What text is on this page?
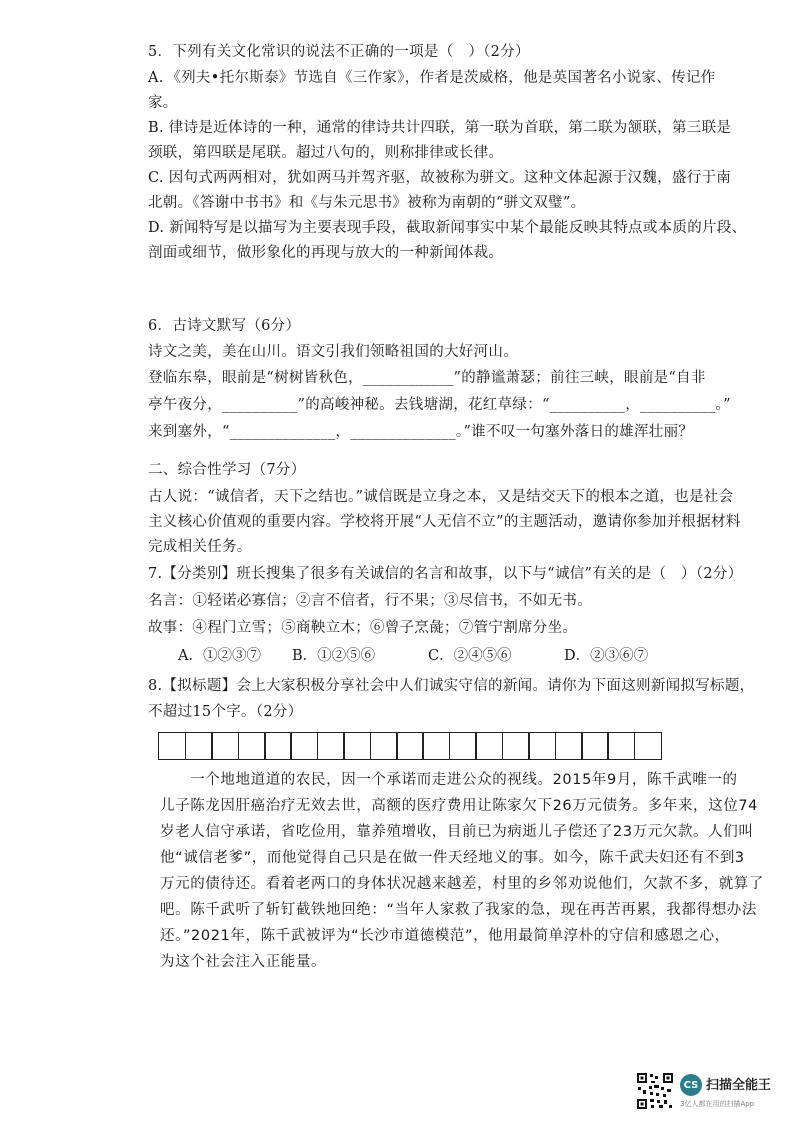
5．下列有关文化常识的说法不正确的一项是（　）（2分）
A．《列夫•托尔斯泰》节选自《三作家》，作者是茨威格，他是英国著名小说家、传记作
家。
B. 律诗是近体诗的一种，通常的律诗共计四联，第一联为首联，第二联为颔联，第三联是
颈联，第四联是尾联。超过八句的，则称排律或长律。
C. 因句式两两相对，犹如两马并驾齐驱，故被称为骈文。这种文体起源于汉魏，盛行于南
北朝。《答谢中书书》和《与朱元思书》被称为南朝的“骈文双璧”。
D. 新闻特写是以描写为主要表现手段，截取新闻事实中某个最能反映其特点或本质的片段、
剖面或细节，做形象化的再现与放大的一种新闻体裁。
6．古诗文默写（6分）
诗文之美，美在山川。语文引我们领略祖国的大好河山。
登临东皋，眼前是“树树皆秋色，____________”的静谧萧瑟；前往三峡，眼前是“自非
亭午夜分，__________”的高峻神秘。去钱塘湖，花红草绿：“__________，__________。”
来到塞外，“______________，______________。”谁不叹一句塞外落日的雄浑壮丽？
二、综合性学习（7分）
古人说：“诚信者，天下之结也。”诚信既是立身之本，又是结交天下的根本之道，也是社会
主义核心价值观的重要内容。学校将开展“人无信不立”的主题活动，邀请你参加并根据材料
完成相关任务。
7.【分类别】班长搜集了很多有关诚信的名言和故事，以下与“诚信”有关的是（　）（2分）
名言：①轻诺必寡信；②言不信者，行不果；③尽信书，不如无书。
故事：④程门立雪；⑤商鞅立木；⑥曾子烹彘；⑦管宁割席分坐。
A．①②③⑦ B．①②⑤⑥	C．②④⑤⑥	D．②③⑥⑦
8.【拟标题】会上大家积极分享社会中人们诚实守信的新闻。请你为下面这则新闻拟写标题，
不超过15个字。（2分）
　　一个地地道道的农民，因一个承诺而走进公众的视线。2015年9月，陈千武唯一的
儿子陈龙因肝癌治疗无效去世，高额的医疗费用让陈家欠下26万元债务。多年来，这位74
岁老人信守承诺，省吃俭用，靠养殖增收，目前已为病逝儿子偿还了23万元欠款。人们叫
他“诚信老爹”，而他觉得自己只是在做一件天经地义的事。如今，陈千武夫妇还有不到3
万元的债待还。看着老两口的身体状况越来越差，村里的乡邻劝说他们，欠款不多，就算了
吧。陈千武听了斩钉截铁地回绝：“当年人家救了我家的急，现在再苦再累，我都得想办法
还。”2021年，陈千武被评为“长沙市道德模范”，他用最简单淳朴的守信和感恩之心，
为这个社会注入正能量。
CS 扫描全能王
3亿人都在用的扫描App
